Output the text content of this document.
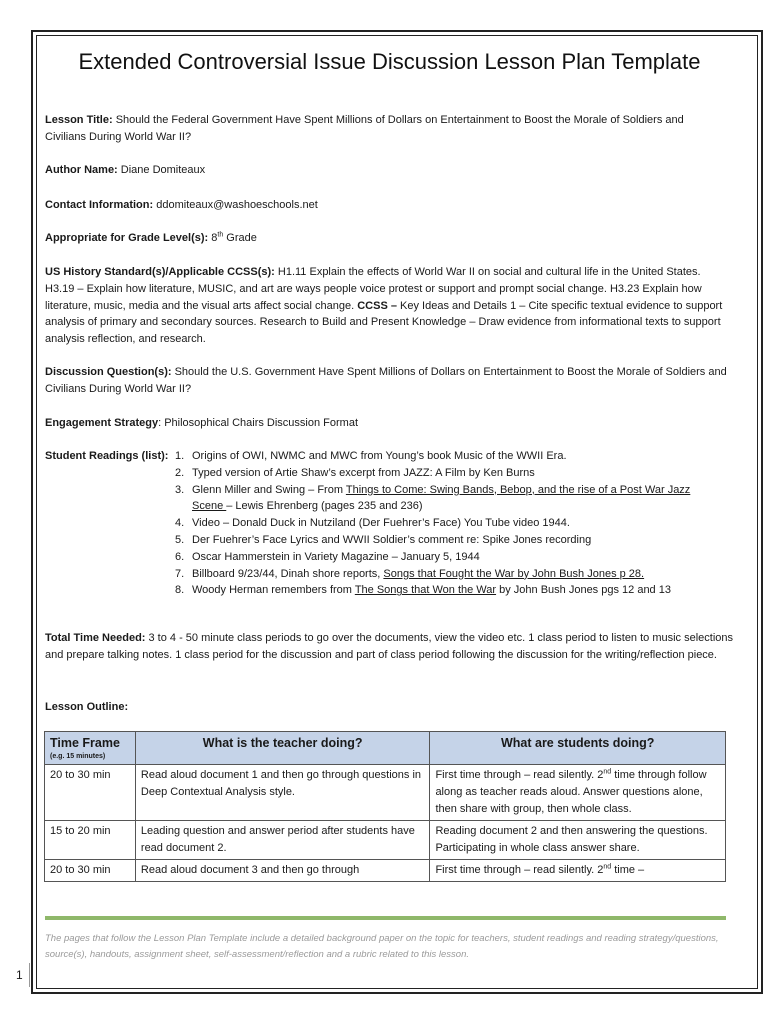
Extended Controversial Issue Discussion Lesson Plan Template
Lesson Title: Should the Federal Government Have Spent Millions of Dollars on Entertainment to Boost the Morale of Soldiers and Civilians During World War II?
Author Name: Diane Domiteaux
Contact Information: ddomiteaux@washoeschools.net
Appropriate for Grade Level(s): 8th Grade
US History Standard(s)/Applicable CCSS(s): H1.11 Explain the effects of World War II on social and cultural life in the United States. H3.19 – Explain how literature, MUSIC, and art are ways people voice protest or support and prompt social change. H3.23 Explain how literature, music, media and the visual arts affect social change. CCSS – Key Ideas and Details 1 – Cite specific textual evidence to support analysis of primary and secondary sources. Research to Build and Present Knowledge – Draw evidence from informational texts to support analysis reflection, and research.
Discussion Question(s): Should the U.S. Government Have Spent Millions of Dollars on Entertainment to Boost the Morale of Soldiers and Civilians During World War II?
Engagement Strategy: Philosophical Chairs Discussion Format
Student Readings (list): 1. Origins of OWI, NWMC and MWC from Young’s book Music of the WWII Era.
2. Typed version of Artie Shaw’s excerpt from JAZZ: A Film by Ken Burns
3. Glenn Miller and Swing – From Things to Come: Swing Bands, Bebop, and the rise of a Post War Jazz Scene – Lewis Ehrenberg (pages 235 and 236)
4. Video – Donald Duck in Nutziland (Der Fuehrer’s Face) You Tube video 1944.
5. Der Fuehrer’s Face Lyrics and WWII Soldier’s comment re: Spike Jones recording
6. Oscar Hammerstein in Variety Magazine – January 5, 1944
7. Billboard 9/23/44, Dinah shore reports, Songs that Fought the War by John Bush Jones p 28.
8. Woody Herman remembers from The Songs that Won the War by John Bush Jones pgs 12 and 13
Total Time Needed: 3 to 4 - 50 minute class periods to go over the documents, view the video etc. 1 class period to listen to music selections and prepare talking notes. 1 class period for the discussion and part of class period following the discussion for the writing/reflection piece.
Lesson Outline:
Time Frame
(e.g. 15 minutes)	What is the teacher doing?	What are students doing?
20 to 30 min	Read aloud document 1 and then go through questions in Deep Contextual Analysis style.	First time through – read silently. 2nd time through follow along as teacher reads aloud. Answer questions alone, then share with group, then whole class.
15 to 20 min	Leading question and answer period after students have read document 2.	Reading document 2 and then answering the questions. Participating in whole class answer share.
20 to 30 min	Read aloud document 3 and then go through	First time through – read silently. 2nd time –
The pages that follow the Lesson Plan Template include a detailed background paper on the topic for teachers, student readings and reading strategy/questions, source(s), handouts, assignment sheet, self-assessment/reflection and a rubric related to this lesson.
1
